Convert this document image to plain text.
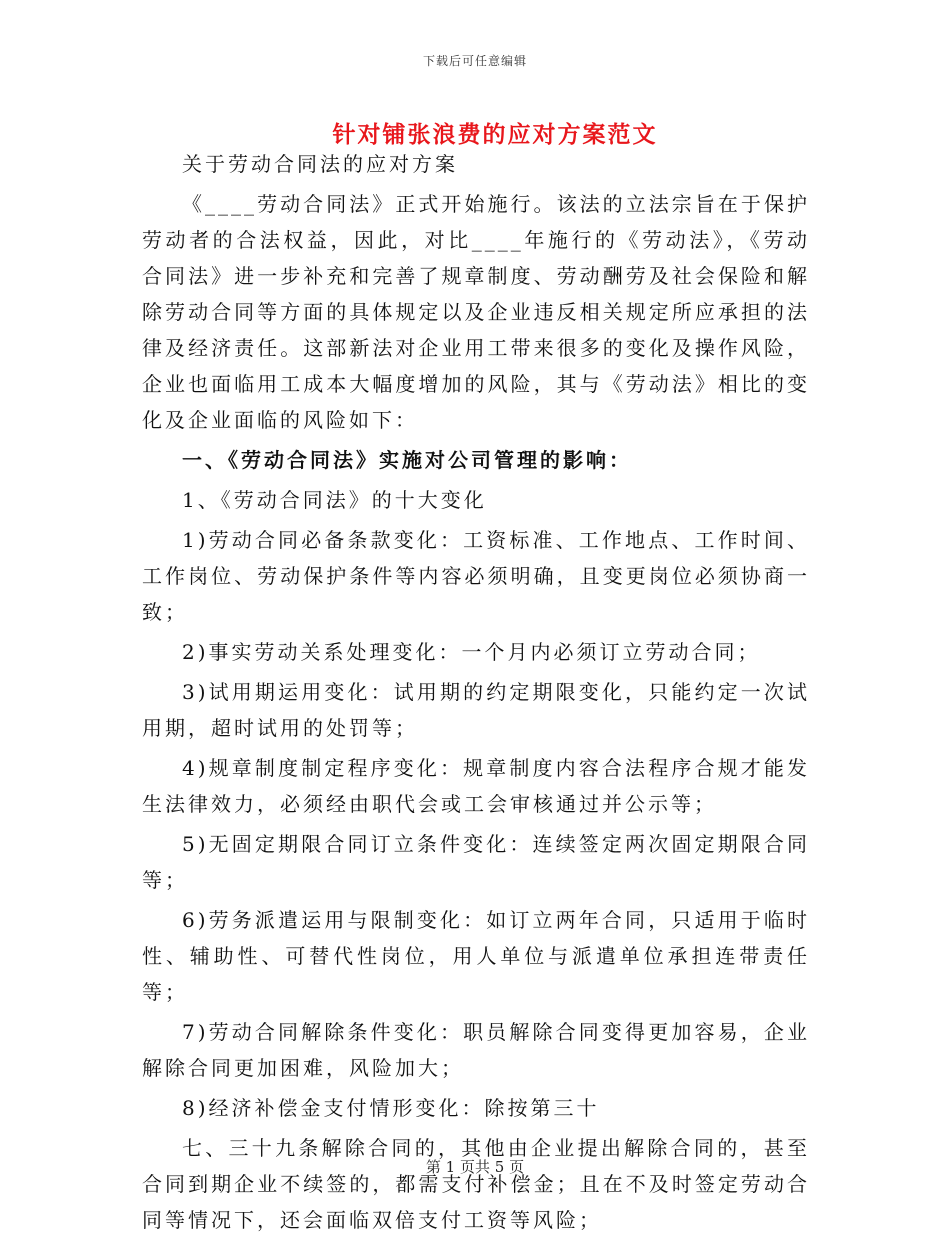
下载后可任意编辑
针对铺张浪费的应对方案范文

关于劳动合同法的应对方案

《____劳动合同法》正式开始施行。该法的立法宗旨在于保护劳动者的合法权益，因此，对比____年施行的《劳动法》，《劳动合同法》进一步补充和完善了规章制度、劳动酬劳及社会保险和解除劳动合同等方面的具体规定以及企业违反相关规定所应承担的法律及经济责任。这部新法对企业用工带来很多的变化及操作风险，企业也面临用工成本大幅度增加的风险，其与《劳动法》相比的变化及企业面临的风险如下：

一、《劳动合同法》实施对公司管理的影响：

1、《劳动合同法》的十大变化

1)劳动合同必备条款变化：工资标准、工作地点、工作时间、工作岗位、劳动保护条件等内容必须明确，且变更岗位必须协商一致；

2)事实劳动关系处理变化：一个月内必须订立劳动合同；

3)试用期运用变化：试用期的约定期限变化，只能约定一次试用期，超时试用的处罚等；

4)规章制度制定程序变化：规章制度内容合法程序合规才能发生法律效力，必须经由职代会或工会审核通过并公示等；

5)无固定期限合同订立条件变化：连续签定两次固定期限合同等；

6)劳务派遣运用与限制变化：如订立两年合同，只适用于临时性、辅助性、可替代性岗位，用人单位与派遣单位承担连带责任等；

7)劳动合同解除条件变化：职员解除合同变得更加容易，企业解除合同更加困难，风险加大；

8)经济补偿金支付情形变化：除按第三十

七、三十九条解除合同的，其他由企业提出解除合同的，甚至合同到期企业不续签的，都需支付补偿金；且在不及时签定劳动合同等情况下，还会面临双倍支付工资等风险；

第 1 页共 5 页
